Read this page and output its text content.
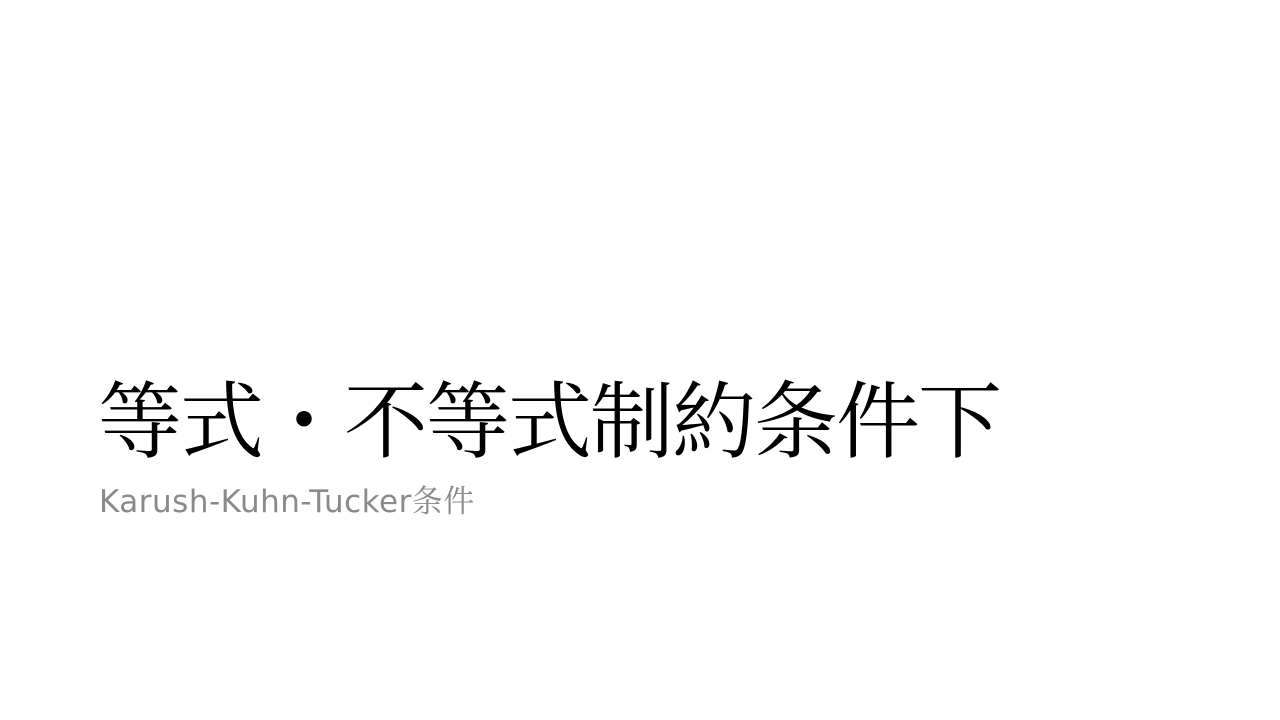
等式・不等式制約条件下

Karush-Kuhn-Tucker条件
